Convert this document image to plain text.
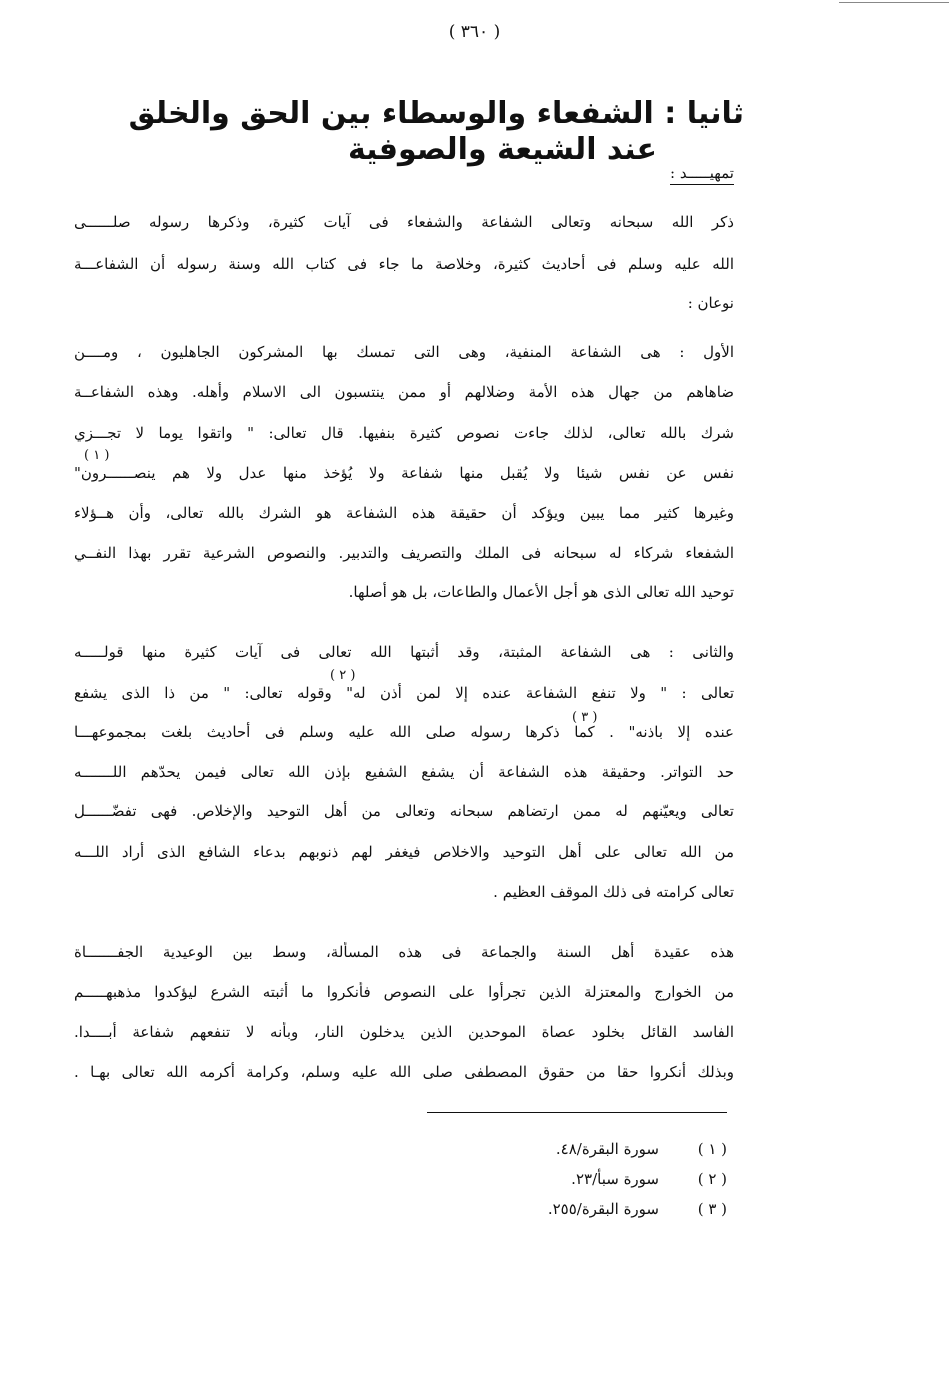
( ٣٦٠ )
ثانيا : الشفعاء والوسطاء بين الحق والخلق
عند الشيعة والصوفية
تمهيـــــد :
ذكر الله سبحانه وتعالى الشفاعة والشفعاء فى آيات كثيرة، وذكرها رسوله صلــــــى
الله عليه وسلم فى أحاديث كثيرة، وخلاصة ما جاء فى كتاب الله وسنة رسوله أن الشفاعـــة
نوعان :
الأول : هى الشفاعة المنفية، وهى التى تمسك بها المشركون الجاهليون ، ومــــن
ضاهاهم من جهال هذه الأمة وضلالهم أو ممن ينتسبون الى الاسلام وأهله. وهذه الشفاعــة
شرك بالله تعالى، لذلك جاءت نصوص كثيرة بنفيها. قال تعالى: " واتقوا يوما لا تجـــزي
نفس عن نفس شيئا ولا يُقبل منها شفاعة ولا يُؤخذ منها عدل ولا هم ينصــــــرون"
( ١ )
وغيرها كثير مما يبين ويؤكد أن حقيقة هذه الشفاعة هو الشرك بالله تعالى، وأن هــؤلاء
الشفعاء شركاء له سبحانه فى الملك والتصريف والتدبير. والنصوص الشرعية تقرر بهذا النفــي
توحيد الله تعالى الذى هو أجل الأعمال والطاعات، بل هو أصلها.
والثانى : هى الشفاعة المثبتة، وقد أثبتها الله تعالى فى آيات كثيرة منها قولـــــه
تعالى : " ولا تنفع الشفاعة عنده إلا لمن أذن له" وقوله تعالى: " من ذا الذى يشفع
( ٢ )
عنده إلا باذنه" . كما ذكرها رسوله صلى الله عليه وسلم فى أحاديث بلغت بمجموعهـــا
( ٣ )
حد التواتر. وحقيقة هذه الشفاعة أن يشفع الشفيع بإذن الله تعالى فيمن يحدّهم اللـــــــه
تعالى ويعيّنهم له ممن ارتضاهم سبحانه وتعالى من أهل التوحيد والإخلاص. فهى تفضّــــــل
من الله تعالى على أهل التوحيد والاخلاص فيغفر لهم ذنوبهم بدعاء الشافع الذى أراد اللـــه
تعالى كرامته فى ذلك الموقف العظيم .
هذه عقيدة أهل السنة والجماعة فى هذه المسألة، وسط بين الوعيدية الجفـــــــاة
من الخوارج والمعتزلة الذين تجرأوا على النصوص فأنكروا ما أثبته الشرع ليؤكدوا مذهبهـــــم
الفاسد القائل بخلود عصاة الموحدين الذين يدخلون النار، وبأنه لا تنفعهم شفاعة أبــــدا.
وبذلك أنكروا حقا من حقوق المصطفى صلى الله عليه وسلم، وكرامة أكرمه الله تعالى بهـا .
( ١ )
سورة البقرة/٤٨.
( ٢ )
سورة سبأ/٢٣.
( ٣ )
سورة البقرة/٢٥٥.
